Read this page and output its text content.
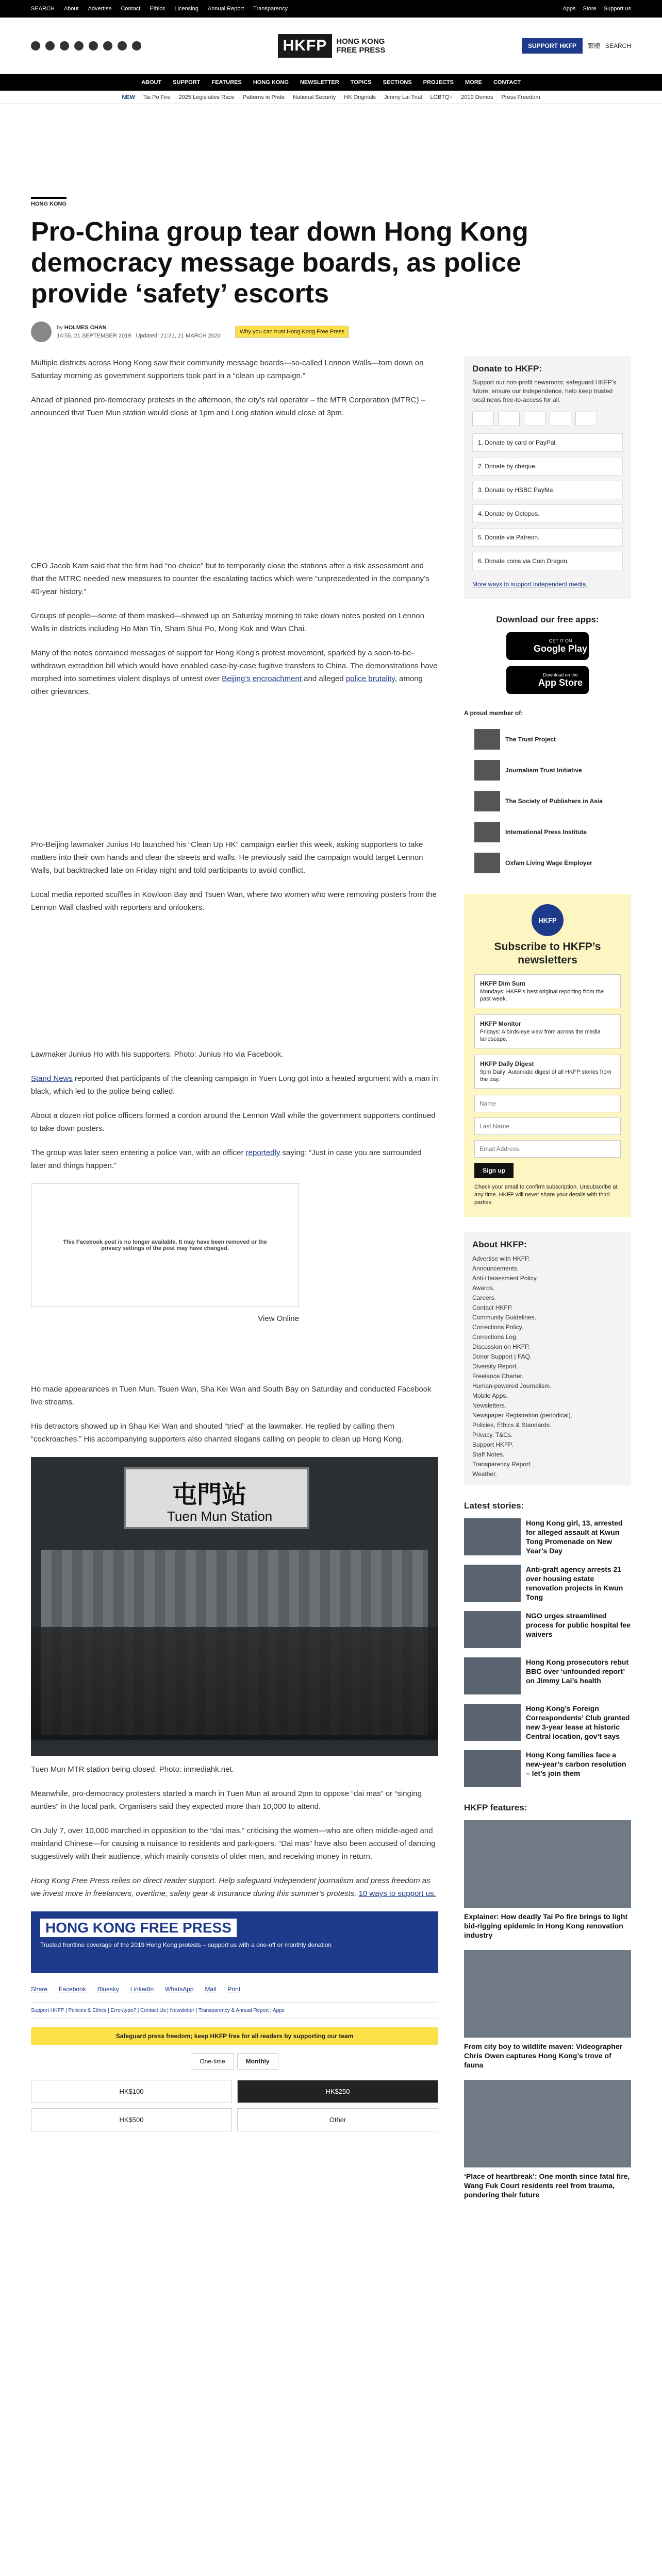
SEARCH About Advertise Contact Ethics Licensing Annual Report Transparency	Apps Store Support us
HKFP	HONG KONG
FREE PRESS	SUPPORT HKFP	繁體 SEARCH
ABOUT SUPPORT FEATURES HONG KONG NEWSLETTER TOPICS SECTIONS PROJECTS MORE CONTACT
NEW Tai Po Fire 2025 Legislative Race Patterns in Pride National Security HK Originals Jimmy Lai Trial LGBTQ+ 2019 Demos Press Freedom
HONG KONG
Pro-China group tear down Hong Kong democracy message boards, as police provide ‘safety’ escorts
by HOLMES CHAN
14:55, 21 SEPTEMBER 2019 Updated: 21:31, 21 MARCH 2020
Why you can trust Hong Kong Free Press

Multiple districts across Hong Kong saw their community message boards—so-called Lennon Walls—torn down on Saturday morning as government supporters took part in a “clean up campaign.”

Ahead of planned pro-democracy protests in the afternoon, the city’s rail operator – the MTR Corporation (MTRC) – announced that Tuen Mun station would close at 1pm and Long station would close at 3pm.

CEO Jacob Kam said that the firm had “no choice” but to temporarily close the stations after a risk assessment and that the MTRC needed new measures to counter the escalating tactics which were “unprecedented in the company’s 40-year history.”

Groups of people—some of them masked—showed up on Saturday morning to take down notes posted on Lennon Walls in districts including Ho Man Tin, Sham Shui Po, Mong Kok and Wan Chai.

Many of the notes contained messages of support for Hong Kong’s protest movement, sparked by a soon-to-be-withdrawn extradition bill which would have enabled case-by-case fugitive transfers to China. The demonstrations have morphed into sometimes violent displays of unrest over Beijing’s encroachment and alleged police brutality, among other grievances.

Pro-Beijing lawmaker Junius Ho launched his “Clean Up HK” campaign earlier this week, asking supporters to take matters into their own hands and clear the streets and walls. He previously said the campaign would target Lennon Walls, but backtracked late on Friday night and told participants to avoid conflict.

Local media reported scuffles in Kowloon Bay and Tsuen Wan, where two women who were removing posters from the Lennon Wall clashed with reporters and onlookers.

Lawmaker Junius Ho with his supporters. Photo: Junius Ho via Facebook.

Stand News reported that participants of the cleaning campaign in Yuen Long got into a heated argument with a man in black, which led to the police being called.

About a dozen riot police officers formed a cordon around the Lennon Wall while the government supporters continued to take down posters.

The group was later seen entering a police van, with an officer reportedly saying: “Just in case you are surrounded later and things happen.”

This Facebook post is no longer available. It may have been removed or the privacy settings of the post may have changed.

View Online

Ho made appearances in Tuen Mun, Tsuen Wan, Sha Kei Wan and South Bay on Saturday and conducted Facebook live streams.

His detractors showed up in Shau Kei Wan and shouted “tried” at the lawmaker. He replied by calling them “cockroaches.” His accompanying supporters also chanted slogans calling on people to clean up Hong Kong.

屯門站
Tuen Mun Station

Tuen Mun MTR station being closed. Photo: inmediahk.net.

Meanwhile, pro-democracy protesters started a march in Tuen Mun at around 2pm to oppose “dai mas” or “singing aunties” in the local park. Organisers said they expected more than 10,000 to attend.

On July 7, over 10,000 marched in opposition to the “dai mas,” criticising the women—who are often middle-aged and mainland Chinese—for causing a nuisance to residents and park-goers. “Dai mas” have also been accused of dancing suggestively with their audience, which mainly consists of older men, and receiving money in return.

Hong Kong Free Press relies on direct reader support. Help safeguard independent journalism and press freedom as we invest more in freelancers, overtime, safety gear & insurance during this summer’s protests. 10 ways to support us.

HONG KONG FREE PRESS
Trusted frontline coverage of the 2019 Hong Kong protests – support us with a one-off or monthly donation
Share Facebook Bluesky LinkedIn WhatsApp Mail Print
Support HKFP | Policies & Ethics | Error/typo? | Contact Us | Newsletter | Transparency & Annual Report | Apps
Safeguard press freedom; keep HKFP free for all readers by supporting our team
One-time	Monthly
HK$100	HK$250
HK$500	Other
Donate to HKFP:

Support our non-profit newsroom; safeguard HKFP’s future, ensure our independence, help keep trusted local news free-to-access for all.

1. Donate by card or PayPal.
2. Donate by cheque.
3. Donate by HSBC PayMe.
4. Donate by Octopus.
5. Donate via Patreon.
6. Donate coins via Coin Dragon.
More ways to support independent media.
Download our free apps:
GET IT ON
Google Play
Download on the
App Store
A proud member of:
The Trust Project
Journalism Trust Initiative
The Society of Publishers in Asia
International Press Institute
Oxfam Living Wage Employer
HKFP
Subscribe to HKFP’s newsletters
HKFP Dim Sum
Mondays: HKFP’s best original reporting from the past week.
HKFP Monitor
Fridays: A birds-eye view from across the media landscape.
HKFP Daily Digest
9pm Daily: Automatic digest of all HKFP stories from the day.
Name Last Name Email Address
Sign up
Check your email to confirm subscription. Unsubscribe at any time. HKFP will never share your details with third parties.
About HKFP:
Advertise with HKFP.
Announcements.
Anti-Harassment Policy.
Awards.
Careers.
Contact HKFP.
Community Guidelines.
Corrections Policy.
Corrections Log.
Discussion on HKFP.
Donor Support | FAQ.
Diversity Report.
Freelance Charter.
Human-powered Journalism.
Mobile Apps.
Newsletters.
Newspaper Registration (periodical).
Policies, Ethics & Standards.
Privacy, T&Cs.
Support HKFP.
Staff Notes.
Transparency Report.
Weather.
Latest stories:
Hong Kong girl, 13, arrested for alleged assault at Kwun Tong Promenade on New Year’s Day
Anti-graft agency arrests 21 over housing estate renovation projects in Kwun Tong
NGO urges streamlined process for public hospital fee waivers
Hong Kong prosecutors rebut BBC over ‘unfounded report’ on Jimmy Lai’s health
Hong Kong’s Foreign Correspondents’ Club granted new 3-year lease at historic Central location, gov’t says
Hong Kong families face a new-year’s carbon resolution – let’s join them
HKFP features:
Explainer: How deadly Tai Po fire brings to light bid-rigging epidemic in Hong Kong renovation industry
From city boy to wildlife maven: Videographer Chris Owen captures Hong Kong’s trove of fauna
‘Place of heartbreak’: One month since fatal fire, Wang Fuk Court residents reel from trauma, pondering their future
